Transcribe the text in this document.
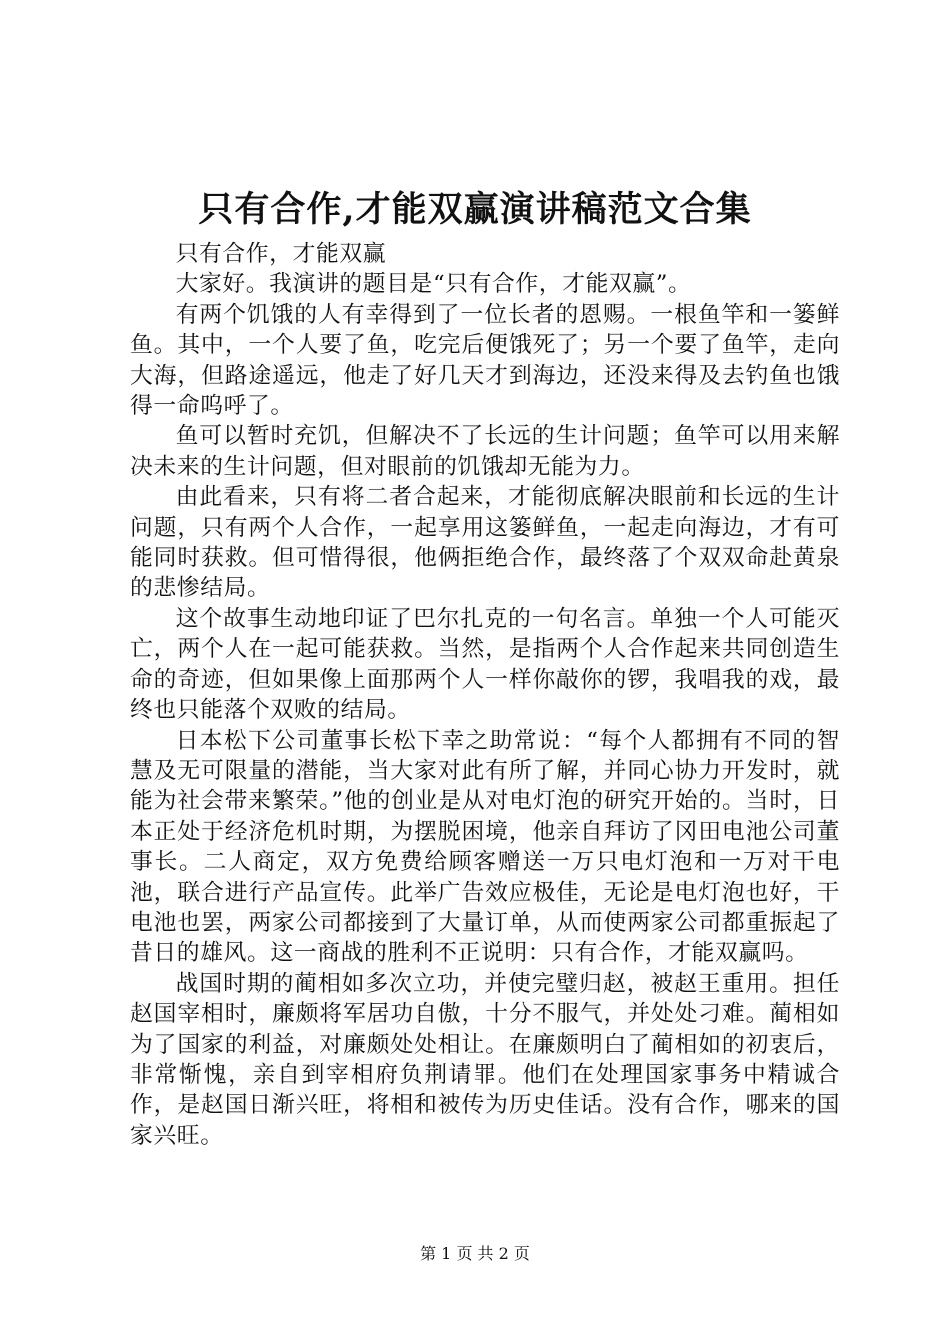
只有合作,才能双赢演讲稿范文合集

只有合作，才能双赢

大家好。我演讲的题目是“只有合作，才能双赢”。

有两个饥饿的人有幸得到了一位长者的恩赐。一根鱼竿和一篓鲜鱼。其中，一个人要了鱼，吃完后便饿死了；另一个要了鱼竿，走向大海，但路途遥远，他走了好几天才到海边，还没来得及去钓鱼也饿得一命呜呼了。

鱼可以暂时充饥，但解决不了长远的生计问题；鱼竿可以用来解决未来的生计问题，但对眼前的饥饿却无能为力。

由此看来，只有将二者合起来，才能彻底解决眼前和长远的生计问题，只有两个人合作，一起享用这篓鲜鱼，一起走向海边，才有可能同时获救。但可惜得很，他俩拒绝合作，最终落了个双双命赴黄泉的悲惨结局。

这个故事生动地印证了巴尔扎克的一句名言。单独一个人可能灭亡，两个人在一起可能获救。当然，是指两个人合作起来共同创造生命的奇迹，但如果像上面那两个人一样你敲你的锣，我唱我的戏，最终也只能落个双败的结局。

日本松下公司董事长松下幸之助常说：“每个人都拥有不同的智慧及无可限量的潜能，当大家对此有所了解，并同心协力开发时，就能为社会带来繁荣。”他的创业是从对电灯泡的研究开始的。当时，日本正处于经济危机时期，为摆脱困境，他亲自拜访了冈田电池公司董事长。二人商定，双方免费给顾客赠送一万只电灯泡和一万对干电池，联合进行产品宣传。此举广告效应极佳，无论是电灯泡也好，干电池也罢，两家公司都接到了大量订单，从而使两家公司都重振起了昔日的雄风。这一商战的胜利不正说明：只有合作，才能双赢吗。

战国时期的蔺相如多次立功，并使完璧归赵，被赵王重用。担任赵国宰相时，廉颇将军居功自傲，十分不服气，并处处刁难。蔺相如为了国家的利益，对廉颇处处相让。在廉颇明白了蔺相如的初衷后，非常惭愧，亲自到宰相府负荆请罪。他们在处理国家事务中精诚合作，是赵国日渐兴旺，将相和被传为历史佳话。没有合作，哪来的国家兴旺。

第 1 页 共 2 页
